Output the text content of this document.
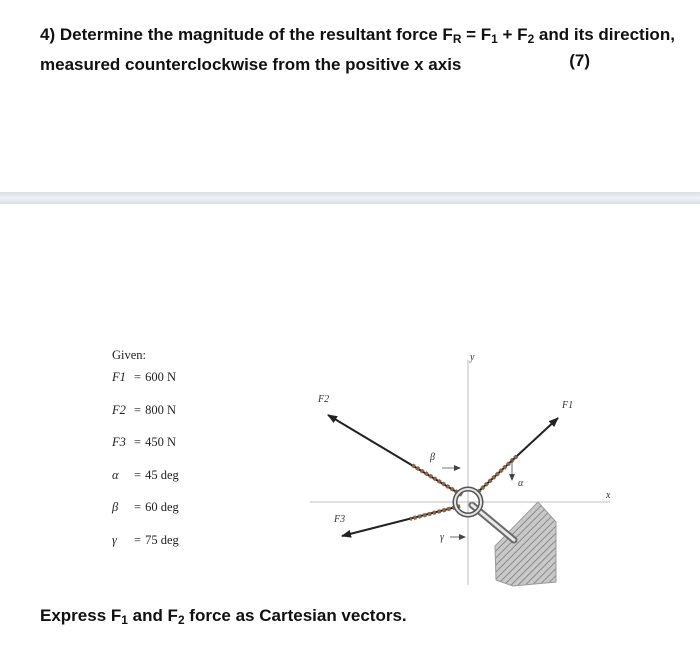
4) Determine the magnitude of the resultant force $F_R = F_1 + F_2$ and its direction,
measured counterclockwise from the positive x axis	(7)
Given:
F1 = 600 N
F2 = 800 N
F3 = 450 N
α = 45 deg
β = 60 deg
γ = 75 deg
x
y
F2
F1
F3
β
α
γ
Express $F_1$ and $F_2$ force as Cartesian vectors.
